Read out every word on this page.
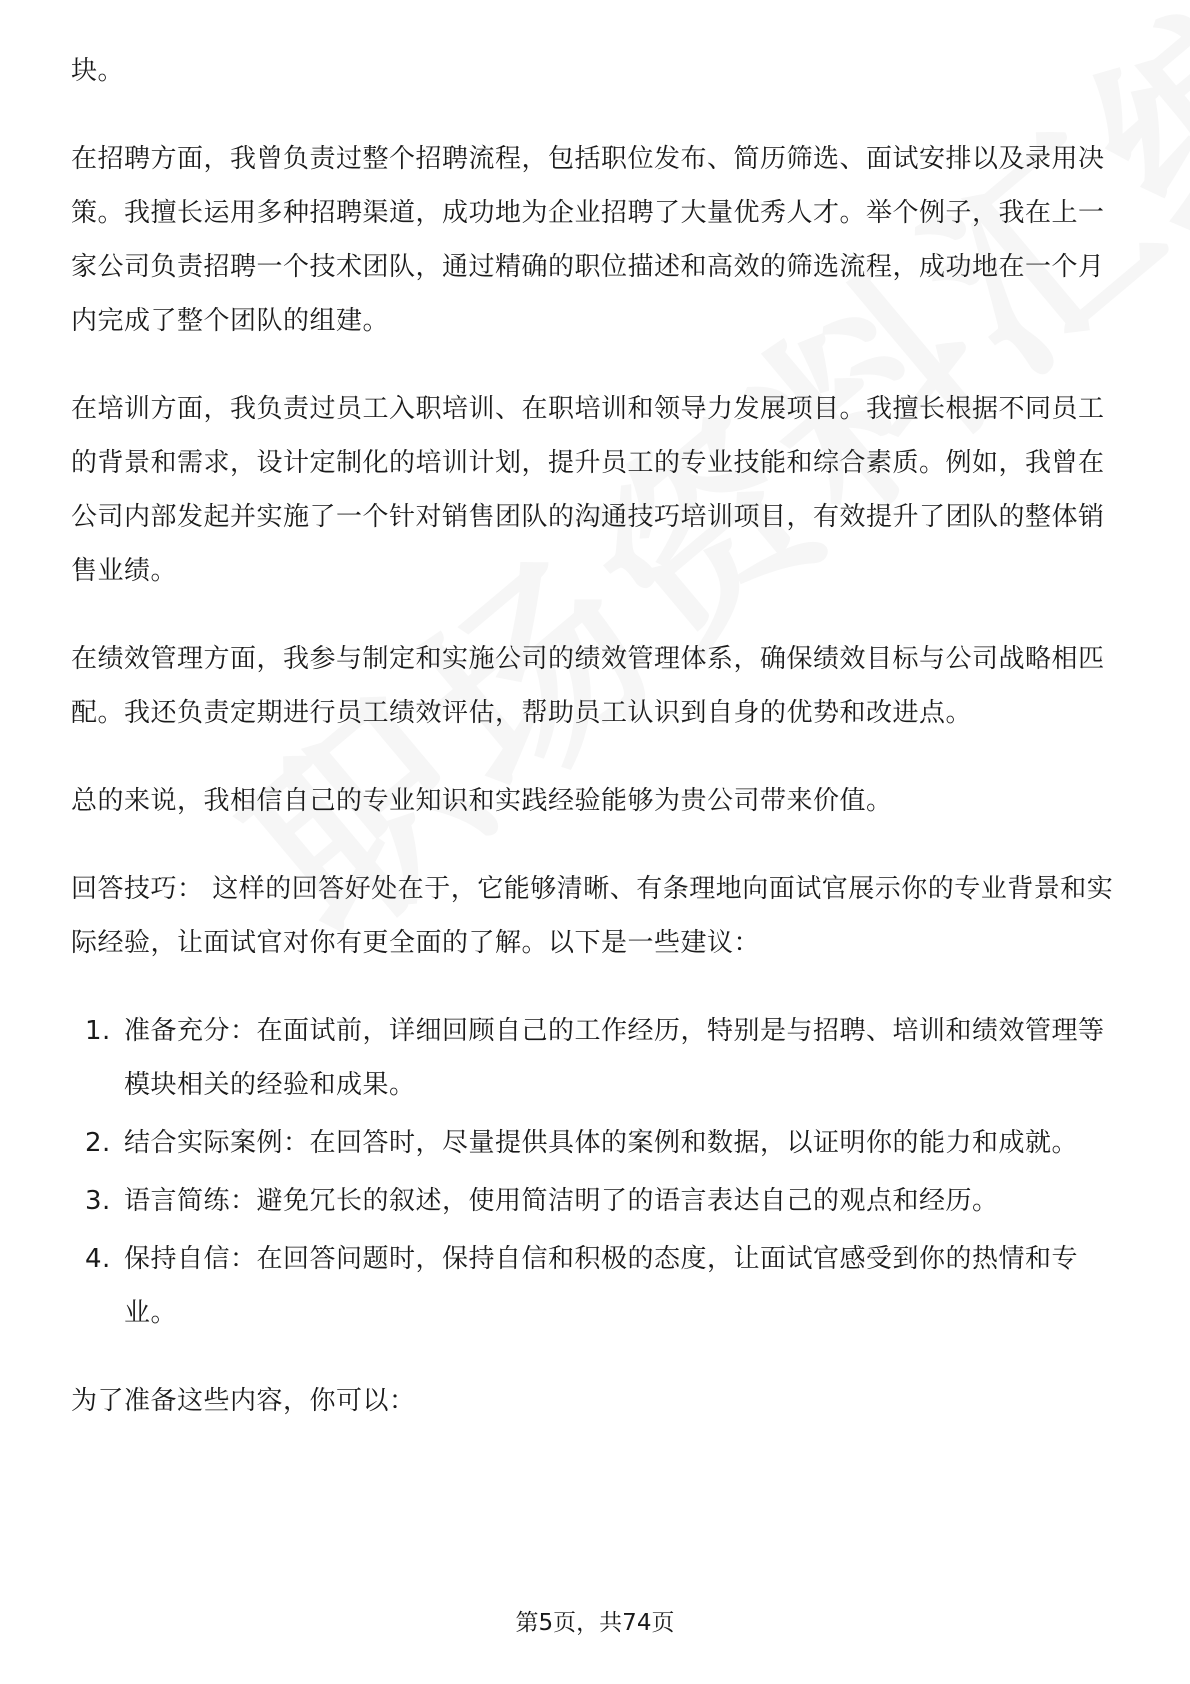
块。

在招聘方面，我曾负责过整个招聘流程，包括职位发布、简历筛选、面试安排以及录用决策。我擅长运用多种招聘渠道，成功地为企业招聘了大量优秀人才。举个例子，我在上一家公司负责招聘一个技术团队，通过精确的职位描述和高效的筛选流程，成功地在一个月内完成了整个团队的组建。

在培训方面，我负责过员工入职培训、在职培训和领导力发展项目。我擅长根据不同员工的背景和需求，设计定制化的培训计划，提升员工的专业技能和综合素质。例如，我曾在公司内部发起并实施了一个针对销售团队的沟通技巧培训项目，有效提升了团队的整体销售业绩。

在绩效管理方面，我参与制定和实施公司的绩效管理体系，确保绩效目标与公司战略相匹配。我还负责定期进行员工绩效评估，帮助员工认识到自身的优势和改进点。

总的来说，我相信自己的专业知识和实践经验能够为贵公司带来价值。

回答技巧： 这样的回答好处在于，它能够清晰、有条理地向面试官展示你的专业背景和实际经验，让面试官对你有更全面的了解。以下是一些建议：

1. 准备充分：在面试前，详细回顾自己的工作经历，特别是与招聘、培训和绩效管理等模块相关的经验和成果。
2. 结合实际案例：在回答时，尽量提供具体的案例和数据，以证明你的能力和成就。
3. 语言简练：避免冗长的叙述，使用简洁明了的语言表达自己的观点和经历。
4. 保持自信：在回答问题时，保持自信和积极的态度，让面试官感受到你的热情和专业。

为了准备这些内容，你可以：

第5页，共74页
